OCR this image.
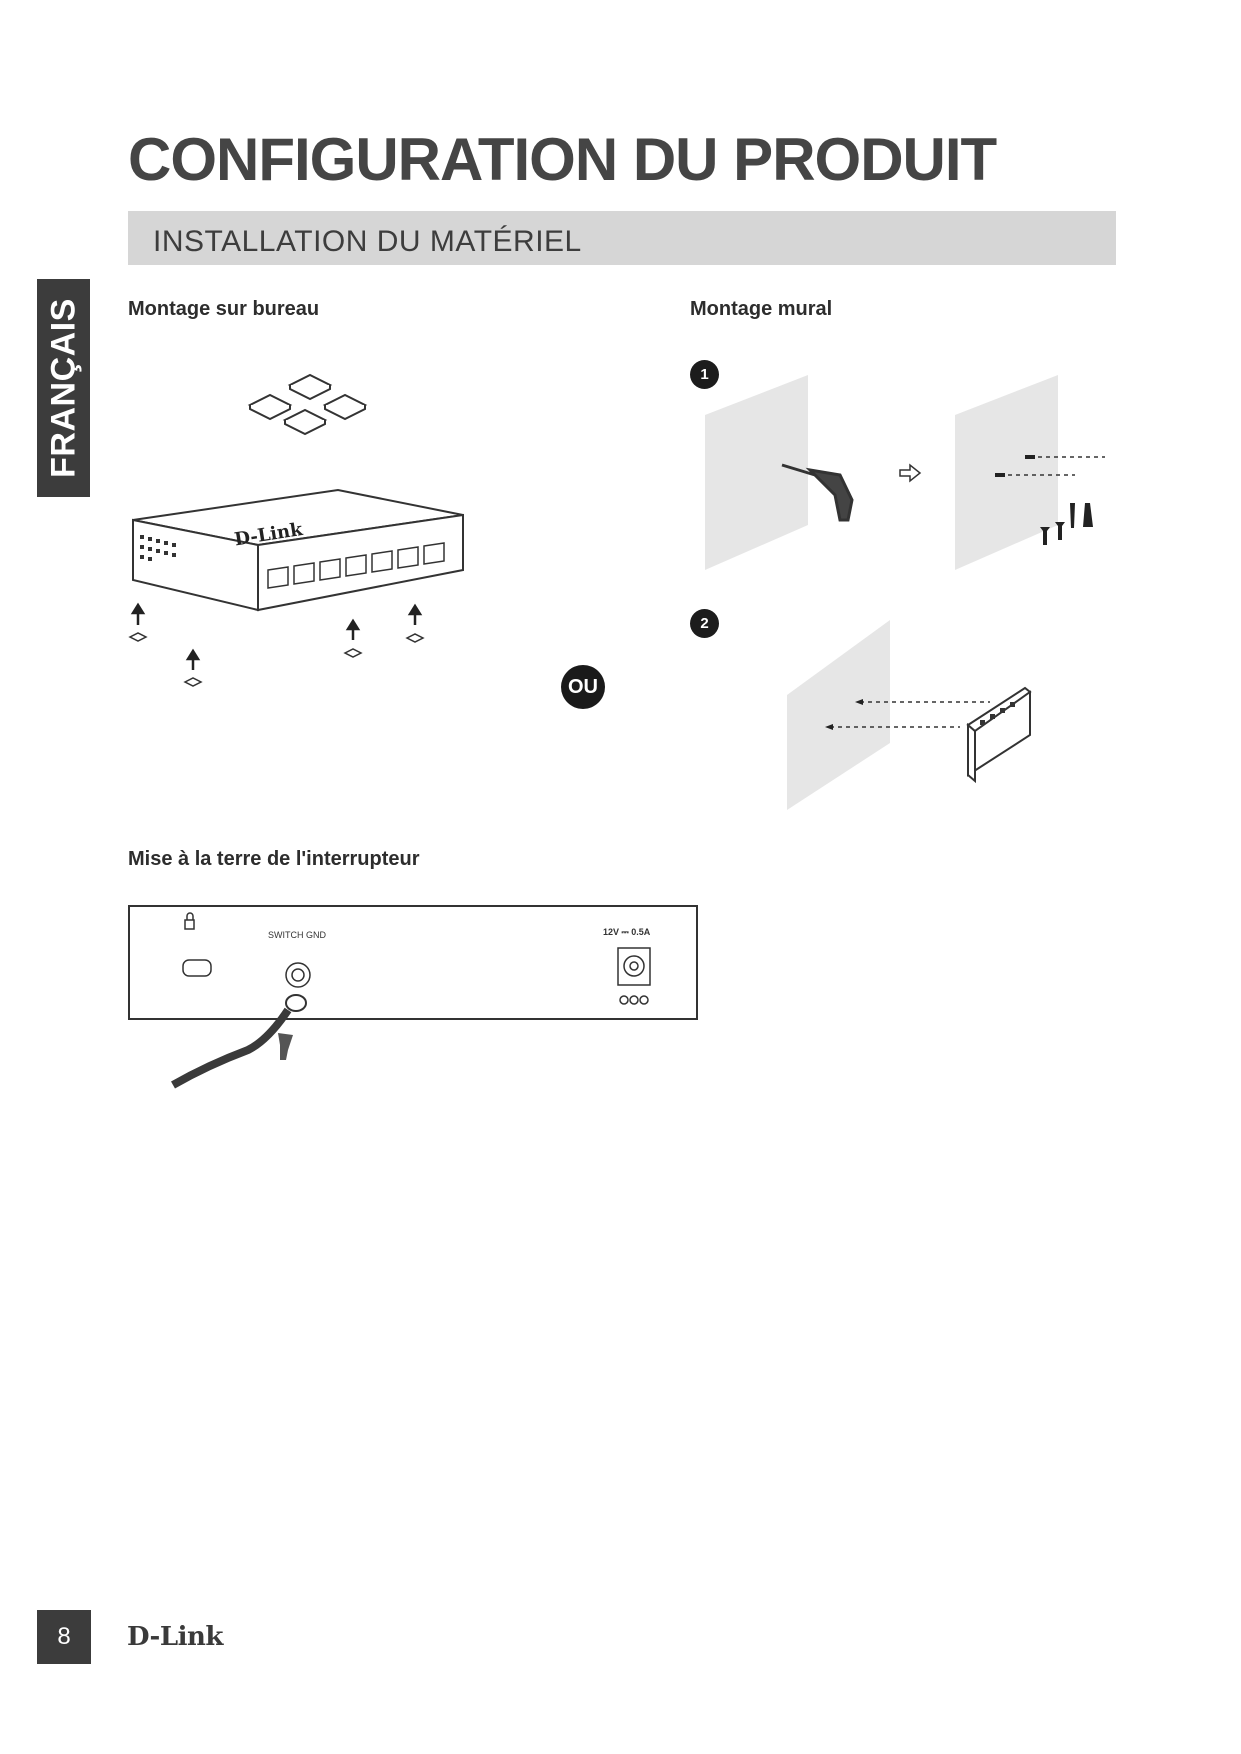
CONFIGURATION DU PRODUIT
INSTALLATION DU MATÉRIEL
FRANÇAIS Montage sur bureau
D-Link
OU
Montage mural
1
2
Mise à la terre de l'interrupteur
SWITCH GND	12V ⎓ 0.5A
8	D-Link
